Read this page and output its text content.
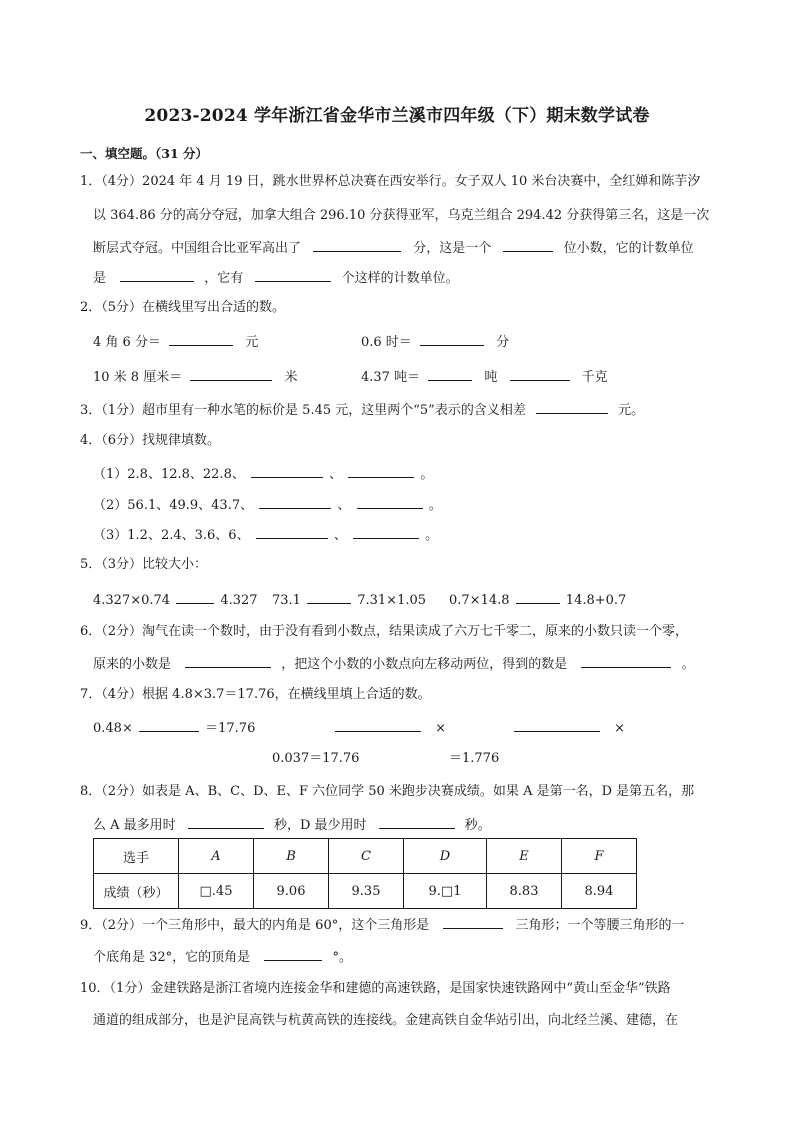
2023-2024 学年浙江省金华市兰溪市四年级（下）期末数学试卷
一、填空题。（31 分）
1．（4分）2024 年 4 月 19 日，跳水世界杯总决赛在西安举行。女子双人 10 米台决赛中，全红婵和陈芋汐
以 364.86 分的高分夺冠，加拿大组合 296.10 分获得亚军，乌克兰组合 294.42 分获得第三名，这是一次
断层式夺冠。中国组合比亚军高出了	分，这是一个	位小数，它的计数单位
是	，它有	个这样的计数单位。
2．（5分）在横线里写出合适的数。
4 角 6 分＝	元	0.6 时＝	分
10 米 8 厘米＝	米	4.37 吨＝	吨	千克
3．（1分）超市里有一种水笔的标价是 5.45 元，这里两个“5”表示的含义相差	元。
4．（6分）找规律填数。
（1）2.8、12.8、22.8、	、	。
（2）56.1、49.9、43.7、	、	。
（3）1.2、2.4、3.6、6、	、	。
5．（3分）比较大小：
4.327×0.74	4.327 73.1	7.31×1.05 0.7×14.8	14.8+0.7
6．（2分）淘气在读一个数时，由于没有看到小数点，结果读成了六万七千零二，原来的小数只读一个零，
原来的小数是	，把这个小数的小数点向左移动两位，得到的数是	。
7．（4分）根据 4.8×3.7＝17.76，在横线里填上合适的数。
0.48×	＝17.76	×	×
0.037＝17.76	＝1.776
8．（2分）如表是 A、B、C、D、E、F 六位同学 50 米跑步决赛成绩。如果 A 是第一名，D 是第五名，那
么 A 最多用时	秒，D 最少用时	秒。
选手	A	B	C	D	E	F
成绩（秒）	□.45	9.06	9.35	9.□1	8.83	8.94
9．（2分）一个三角形中，最大的内角是 60°，这个三角形是	三角形；一个等腰三角形的一
个底角是 32°，它的顶角是	°。
10．（1分）金建铁路是浙江省境内连接金华和建德的高速铁路，是国家快速铁路网中“黄山至金华”铁路
通道的组成部分，也是沪昆高铁与杭黄高铁的连接线。金建高铁自金华站引出，向北经兰溪、建德，在
